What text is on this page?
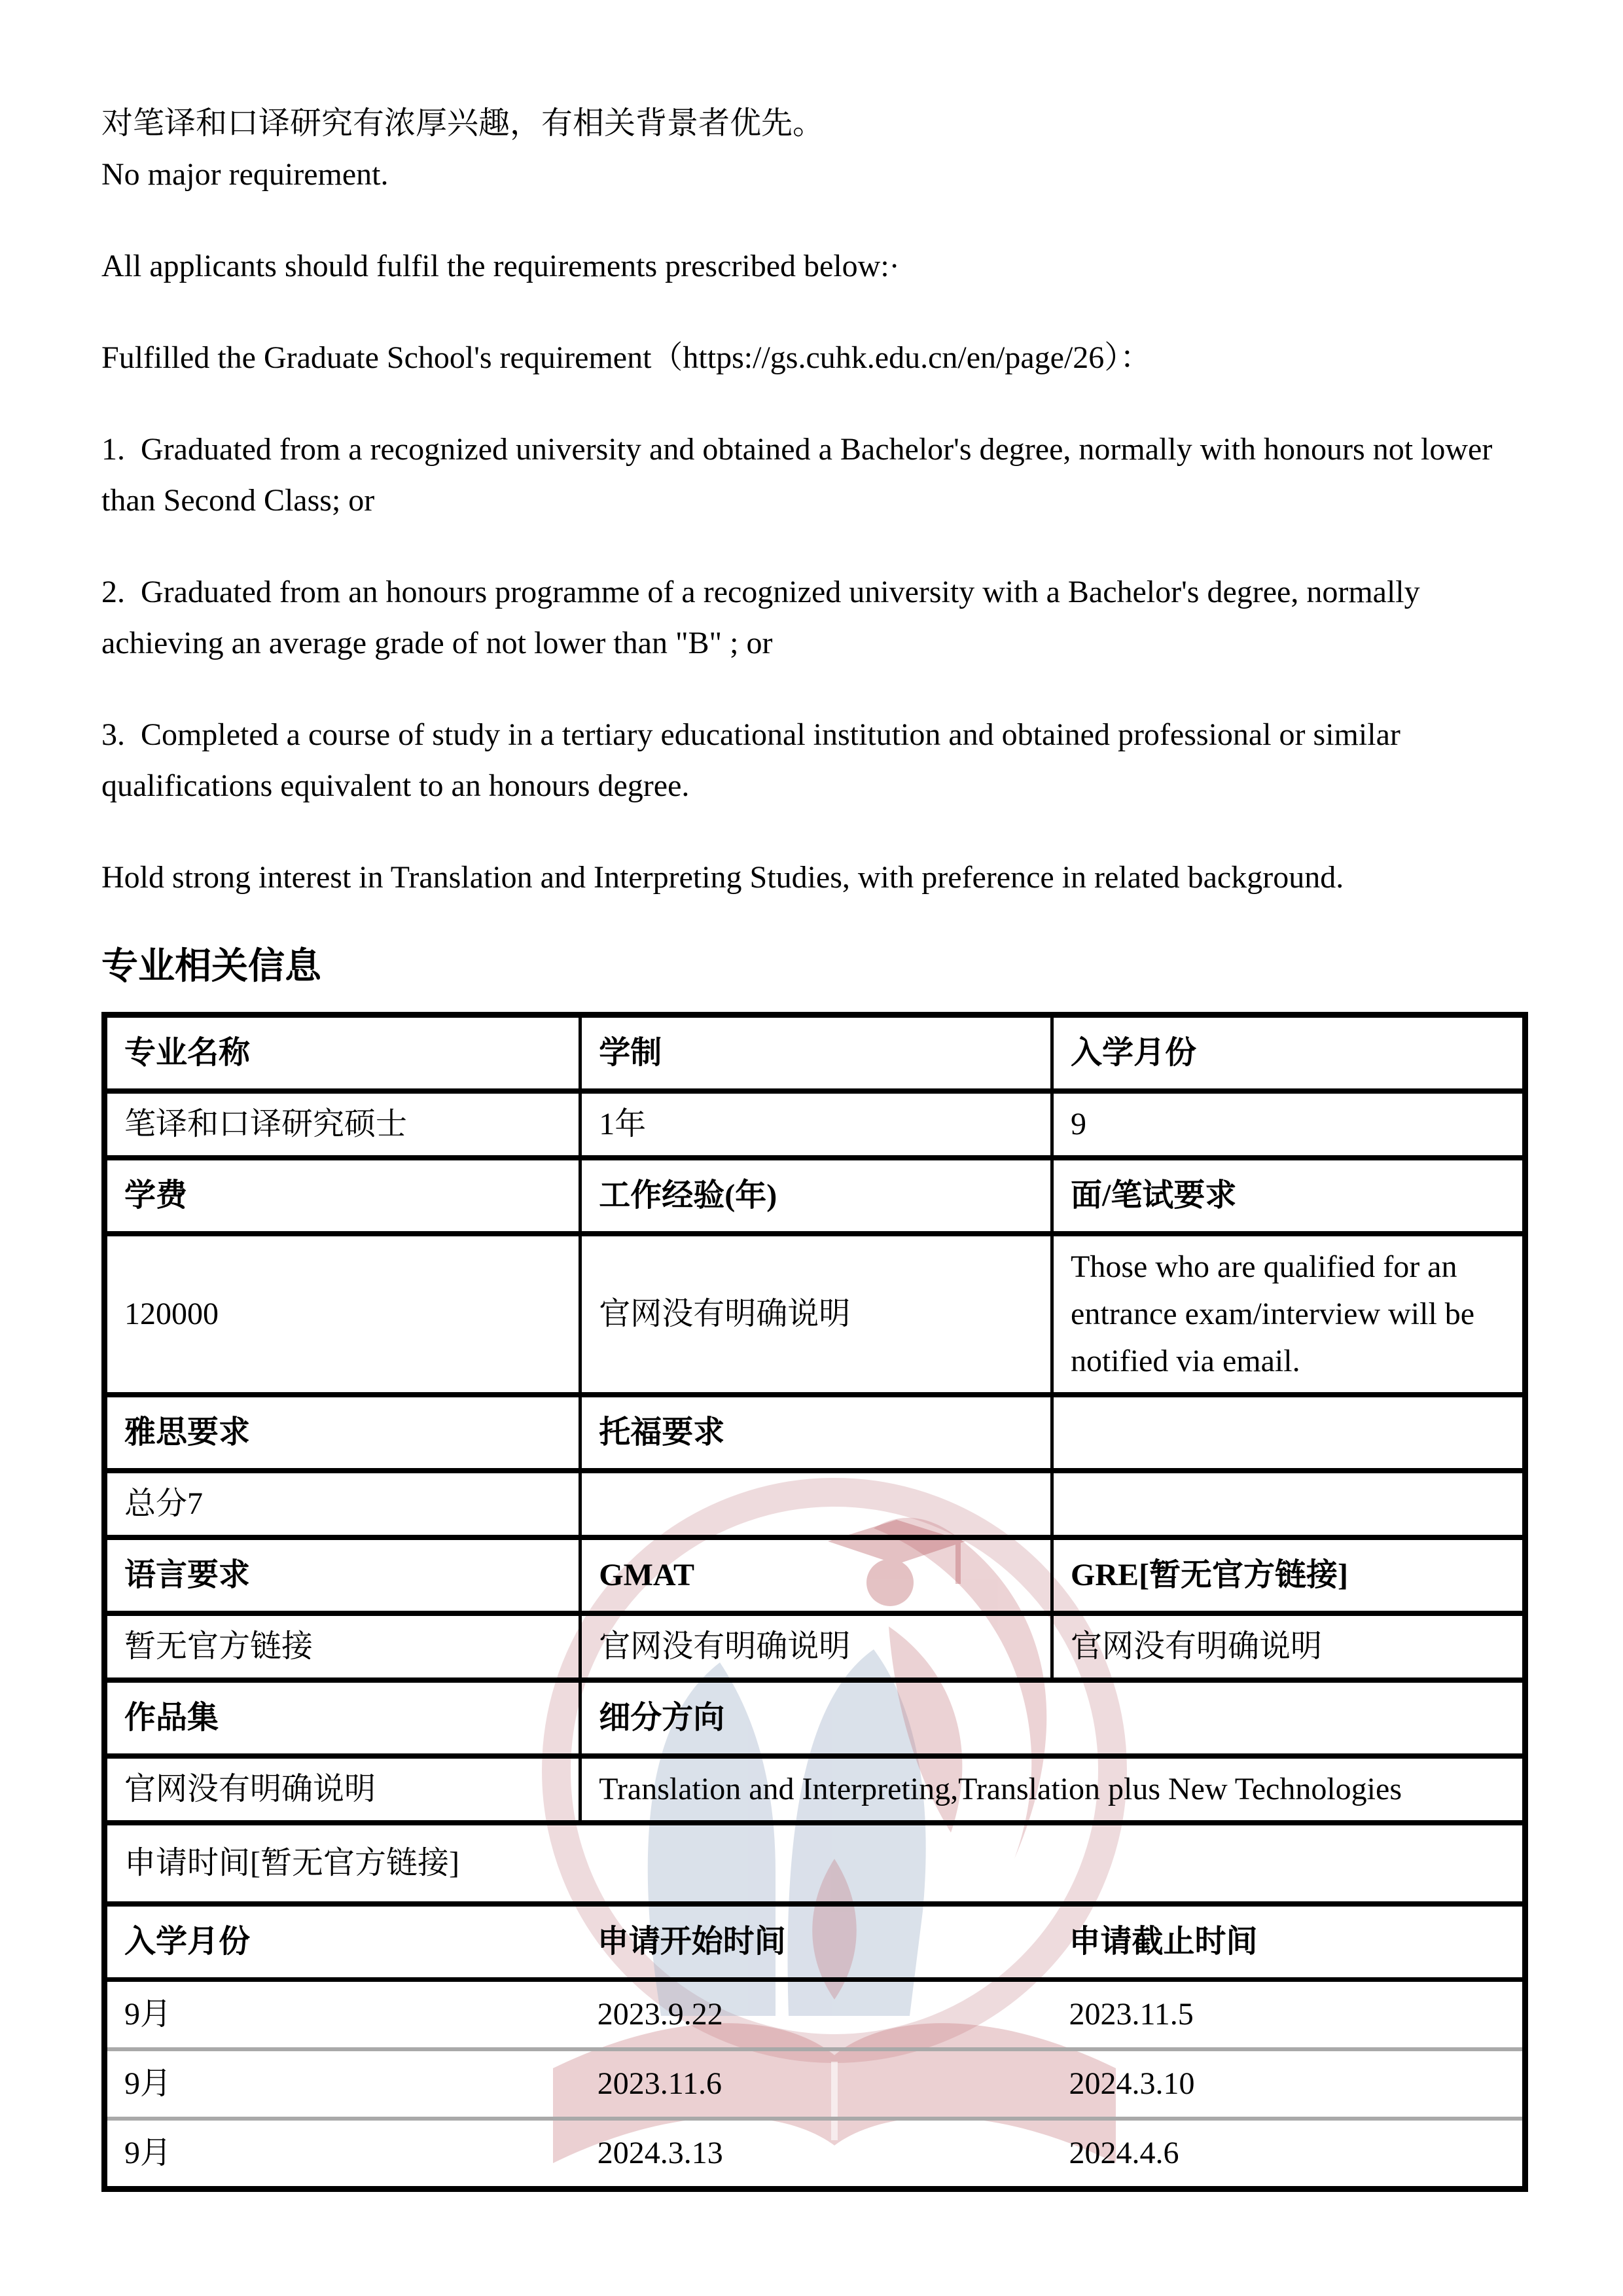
对笔译和口译研究有浓厚兴趣，有相关背景者优先。
No major requirement.

All applicants should fulfil the requirements prescribed below:·

Fulfilled the Graduate School's requirement（https://gs.cuhk.edu.cn/en/page/26）：

1.  Graduated from a recognized university and obtained a Bachelor's degree, normally with honours not lower than Second Class; or

2.  Graduated from an honours programme of a recognized university with a Bachelor's degree, normally achieving an average grade of not lower than "B" ; or

3.  Completed a course of study in a tertiary educational institution and obtained professional or similar qualifications equivalent to an honours degree.

Hold strong interest in Translation and Interpreting Studies, with preference in related background.

专业相关信息
专业名称	学制	入学月份
笔译和口译研究硕士	1年	9
学费	工作经验(年)	面/笔试要求
120000	官网没有明确说明	Those who are qualified for an entrance exam/interview will be notified via email.
雅思要求	托福要求	
总分7		
语言要求	GMAT	GRE[暂无官方链接]
暂无官方链接	官网没有明确说明	官网没有明确说明
作品集	细分方向	
官网没有明确说明	Translation and Interpreting,Translation plus New Technologies	
申请时间[暂无官方链接]		
入学月份	申请开始时间	申请截止时间
9月	2023.9.22	2023.11.5
9月	2023.11.6	2024.3.10
9月	2024.3.13	2024.4.6
